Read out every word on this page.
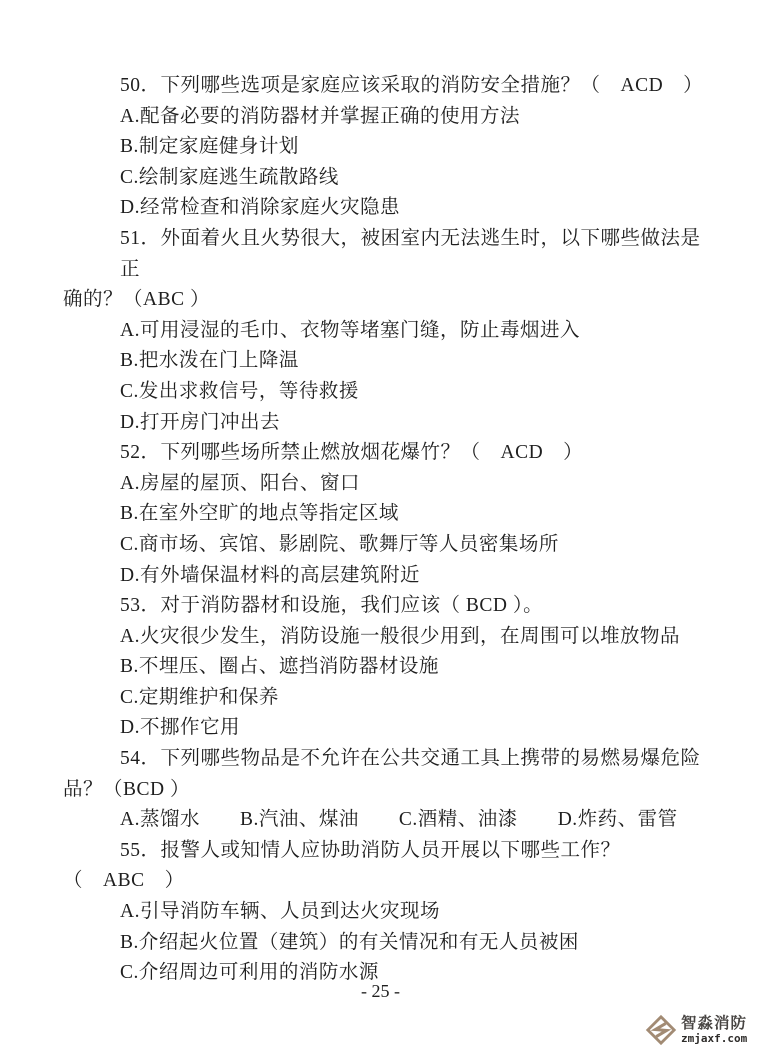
50．下列哪些选项是家庭应该采取的消防安全措施？（　ACD　）
A.配备必要的消防器材并掌握正确的使用方法
B.制定家庭健身计划
C.绘制家庭逃生疏散路线
D.经常检查和消除家庭火灾隐患
51．外面着火且火势很大，被困室内无法逃生时，以下哪些做法是正
确的？（ABC ）
A.可用浸湿的毛巾、衣物等堵塞门缝，防止毒烟进入
B.把水泼在门上降温
C.发出求救信号，等待救援
D.打开房门冲出去
52．下列哪些场所禁止燃放烟花爆竹？（　ACD　）
A.房屋的屋顶、阳台、窗口
B.在室外空旷的地点等指定区域
C.商市场、宾馆、影剧院、歌舞厅等人员密集场所
D.有外墙保温材料的高层建筑附近
53．对于消防器材和设施，我们应该（ BCD ）。
A.火灾很少发生，消防设施一般很少用到，在周围可以堆放物品
B.不埋压、圈占、遮挡消防器材设施
C.定期维护和保养
D.不挪作它用
54．下列哪些物品是不允许在公共交通工具上携带的易燃易爆危险
品？（BCD ）
A.蒸馏水　　B.汽油、煤油　　C.酒精、油漆　　D.炸药、雷管
55．报警人或知情人应协助消防人员开展以下哪些工作？
（　ABC　）
A.引导消防车辆、人员到达火灾现场
B.介绍起火位置（建筑）的有关情况和有无人员被困
C.介绍周边可利用的消防水源
- 25 -
智淼消防
zmjaxf.com
